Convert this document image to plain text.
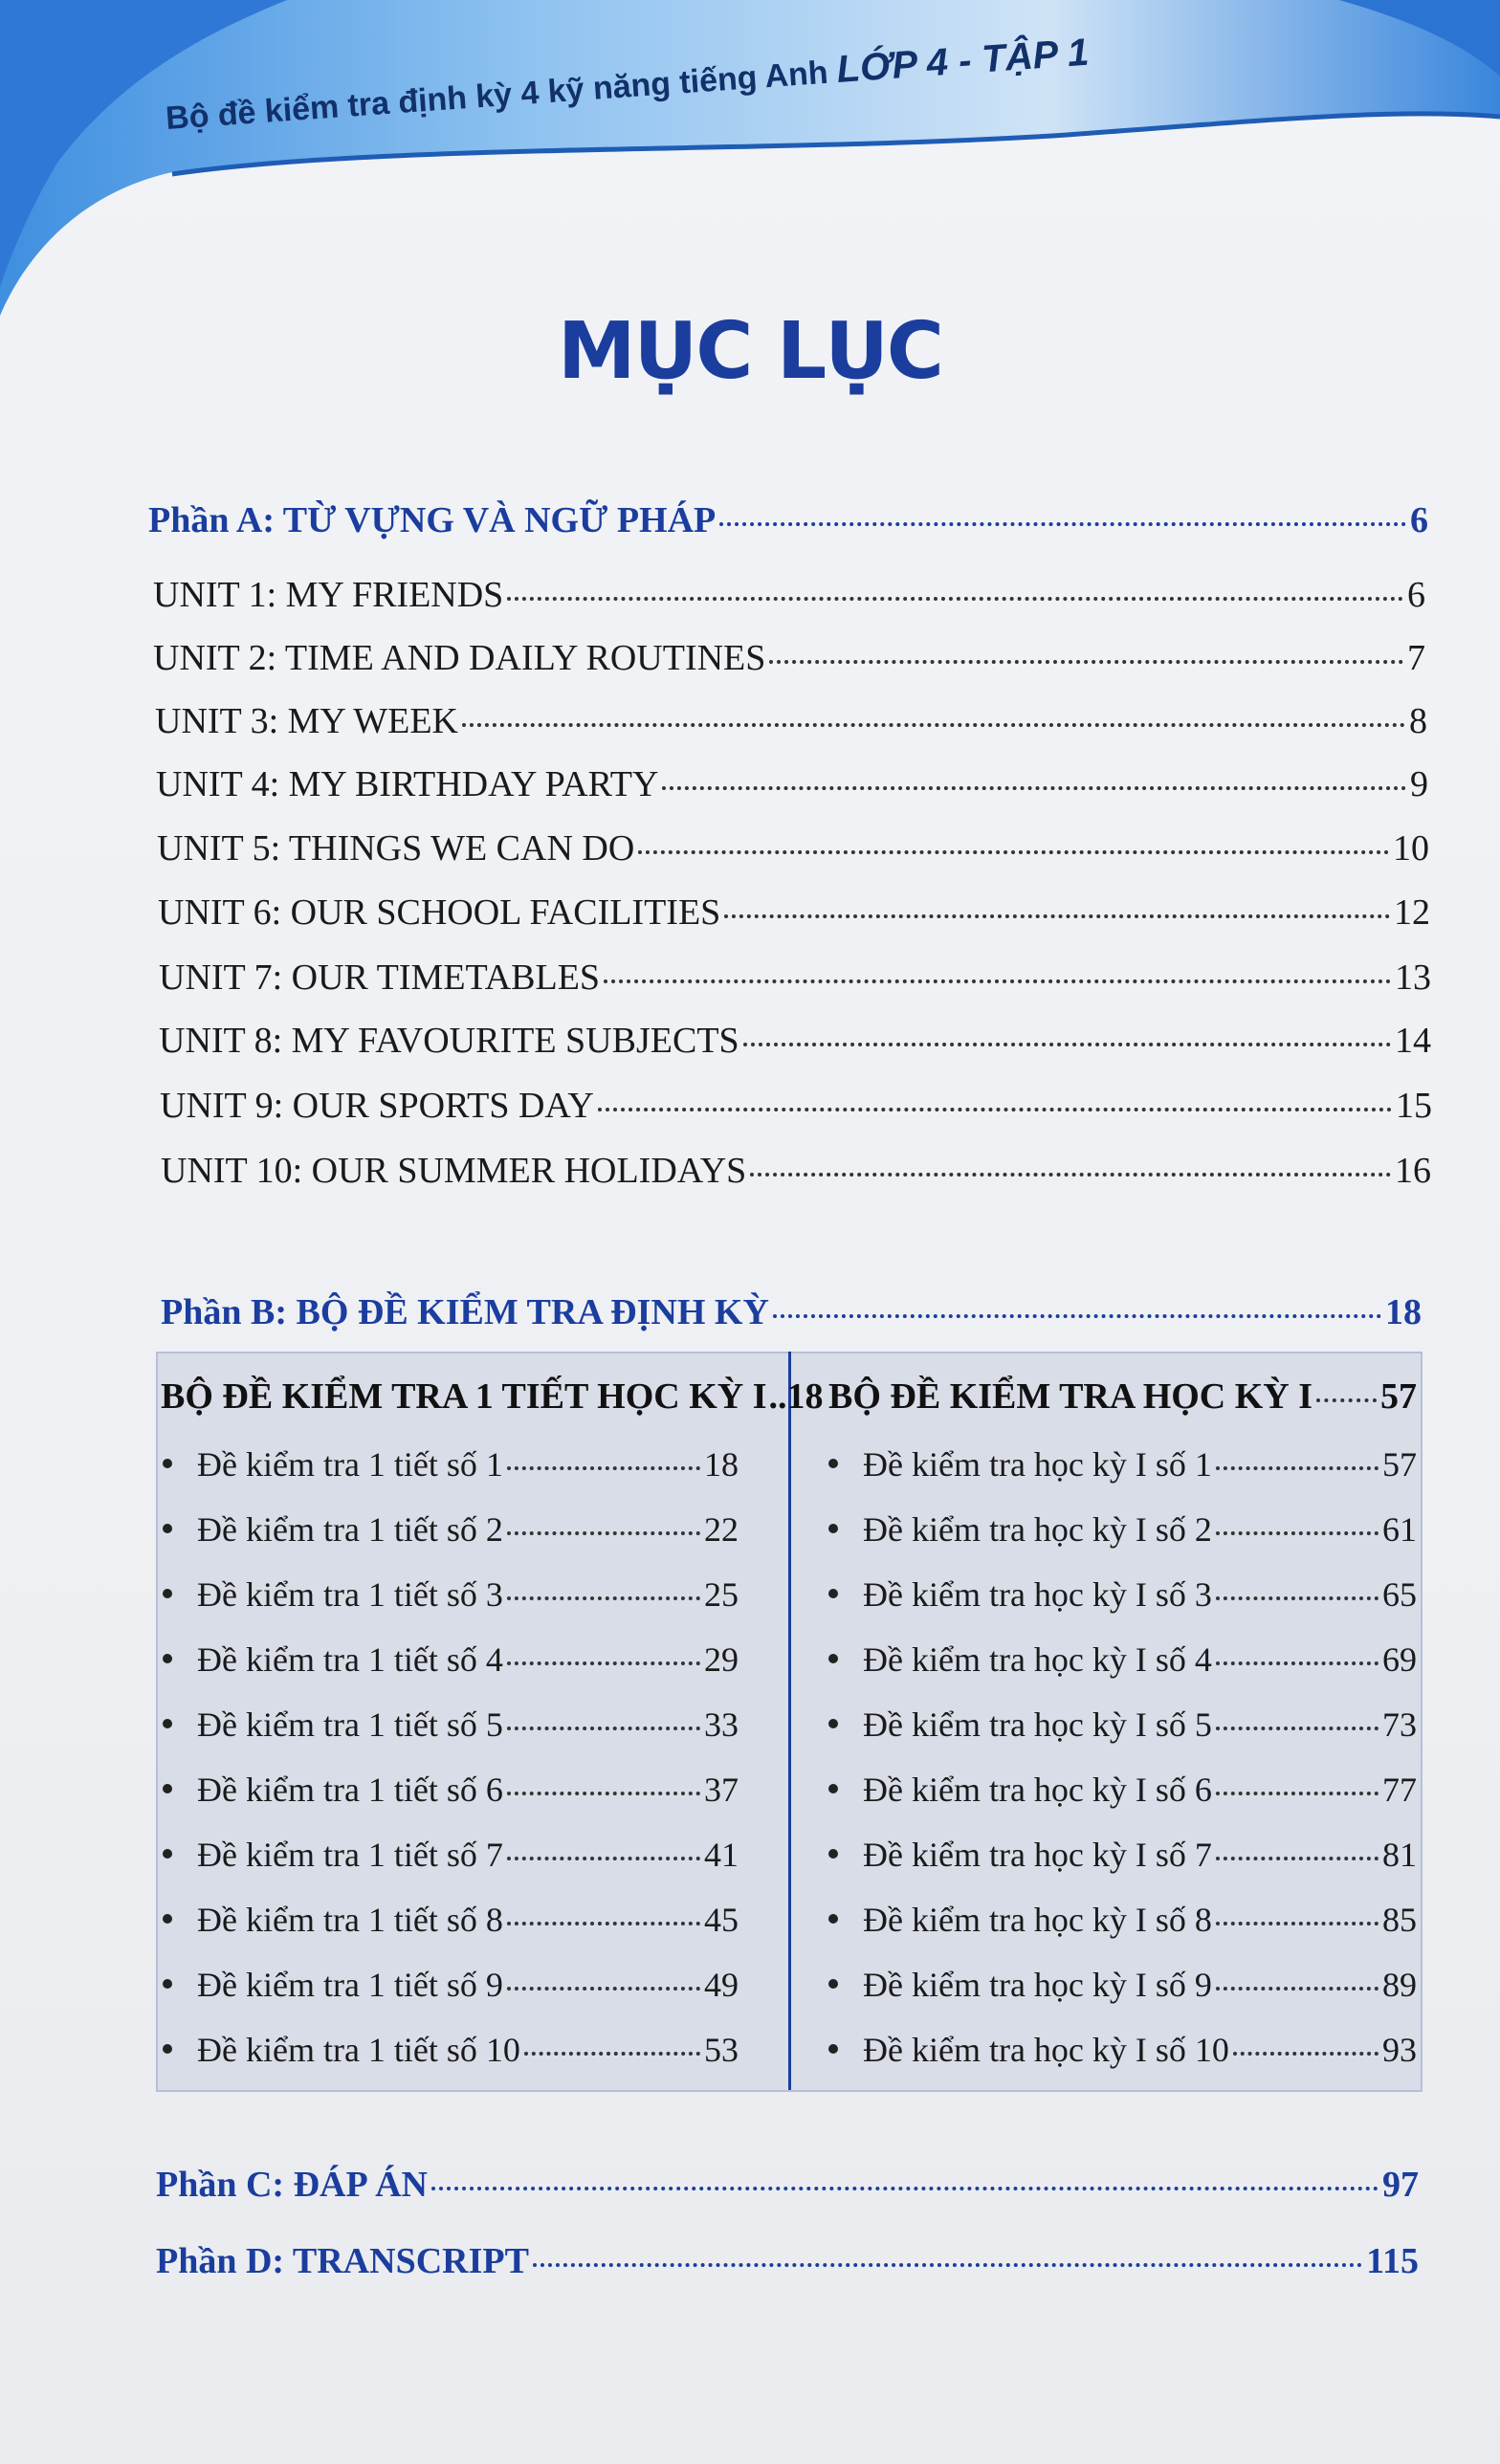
Bộ đề kiểm tra định kỳ 4 kỹ năng tiếng Anh LỚP 4 - TẬP 1
MỤC LỤC
Phần A: TỪ VỰNG VÀ NGỮ PHÁP	6
UNIT 1: MY FRIENDS	6
UNIT 2: TIME AND DAILY ROUTINES	7
UNIT 3: MY WEEK	8
UNIT 4: MY BIRTHDAY PARTY	9
UNIT 5: THINGS WE CAN DO	10
UNIT 6: OUR SCHOOL FACILITIES	12
UNIT 7: OUR TIMETABLES	13
UNIT 8: MY FAVOURITE SUBJECTS	14
UNIT 9: OUR SPORTS DAY	15
UNIT 10: OUR SUMMER HOLIDAYS	16
Phần B: BỘ ĐỀ KIỂM TRA ĐỊNH KỲ	18
BỘ ĐỀ KIỂM TRA 1 TIẾT HỌC KỲ I ..18
Đề kiểm tra 1 tiết số 1	18
Đề kiểm tra 1 tiết số 2	22
Đề kiểm tra 1 tiết số 3	25
Đề kiểm tra 1 tiết số 4	29
Đề kiểm tra 1 tiết số 5	33
Đề kiểm tra 1 tiết số 6	37
Đề kiểm tra 1 tiết số 7	41
Đề kiểm tra 1 tiết số 8	45
Đề kiểm tra 1 tiết số 9	49
Đề kiểm tra 1 tiết số 10	53
BỘ ĐỀ KIỂM TRA HỌC KỲ I 57
Đề kiểm tra học kỳ I số 1	57
Đề kiểm tra học kỳ I số 2	61
Đề kiểm tra học kỳ I số 3	65
Đề kiểm tra học kỳ I số 4	69
Đề kiểm tra học kỳ I số 5	73
Đề kiểm tra học kỳ I số 6	77
Đề kiểm tra học kỳ I số 7	81
Đề kiểm tra học kỳ I số 8	85
Đề kiểm tra học kỳ I số 9	89
Đề kiểm tra học kỳ I số 10	93
Phần C: ĐÁP ÁN	97
Phần D: TRANSCRIPT	115
